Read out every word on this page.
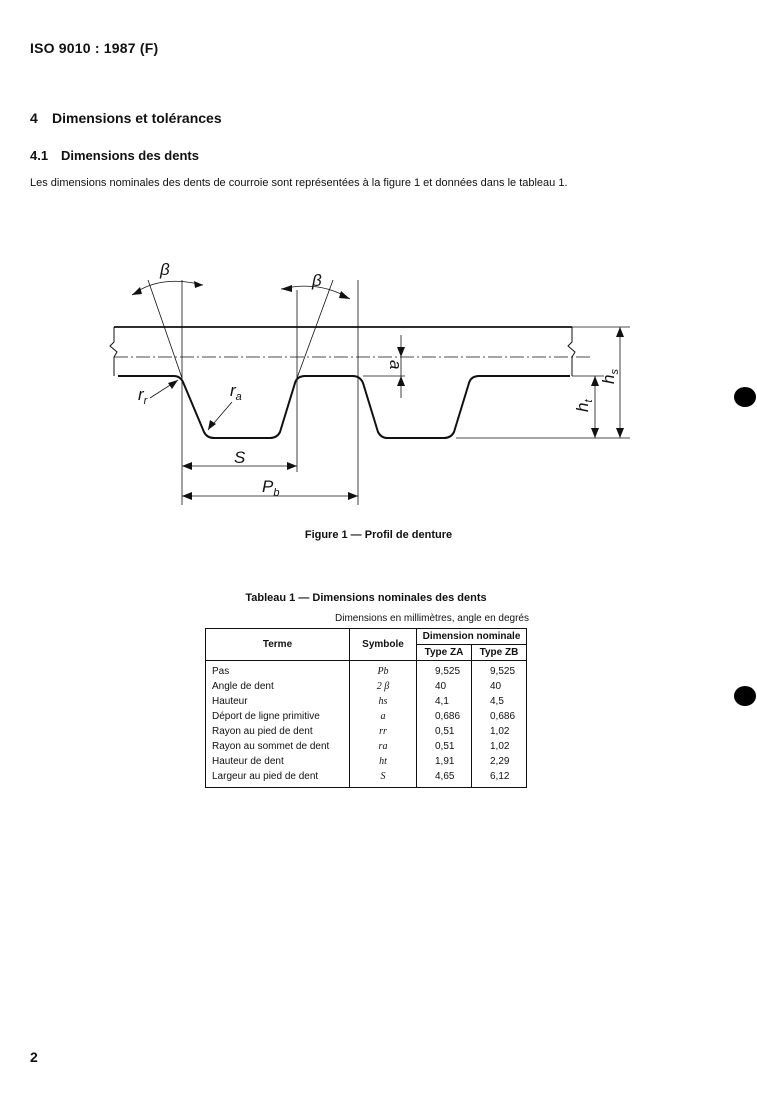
ISO 9010 : 1987 (F)
4 Dimensions et tolérances
4.1 Dimensions des dents
Les dimensions nominales des dents de courroie sont représentées à la figure 1 et données dans le tableau 1.
β
β
$r_r$
$r_a$
S
$P_b$
a
$h_t$
$h_s$
Figure 1 — Profil de denture
Tableau 1 — Dimensions nominales des dents
Dimensions en millimètres, angle en degrés
Terme	Symbole	Dimension nominale	
		Type ZA	Type ZB
Pas	Pb	9,525	9,525
Angle de dent	2 β	40	40
Hauteur	hs	4,1	4,5
Déport de ligne primitive	a	0,686	0,686
Rayon au pied de dent	rr	0,51	1,02
Rayon au sommet de dent	ra	0,51	1,02
Hauteur de dent	ht	1,91	2,29
Largeur au pied de dent	S	4,65	6,12
2
